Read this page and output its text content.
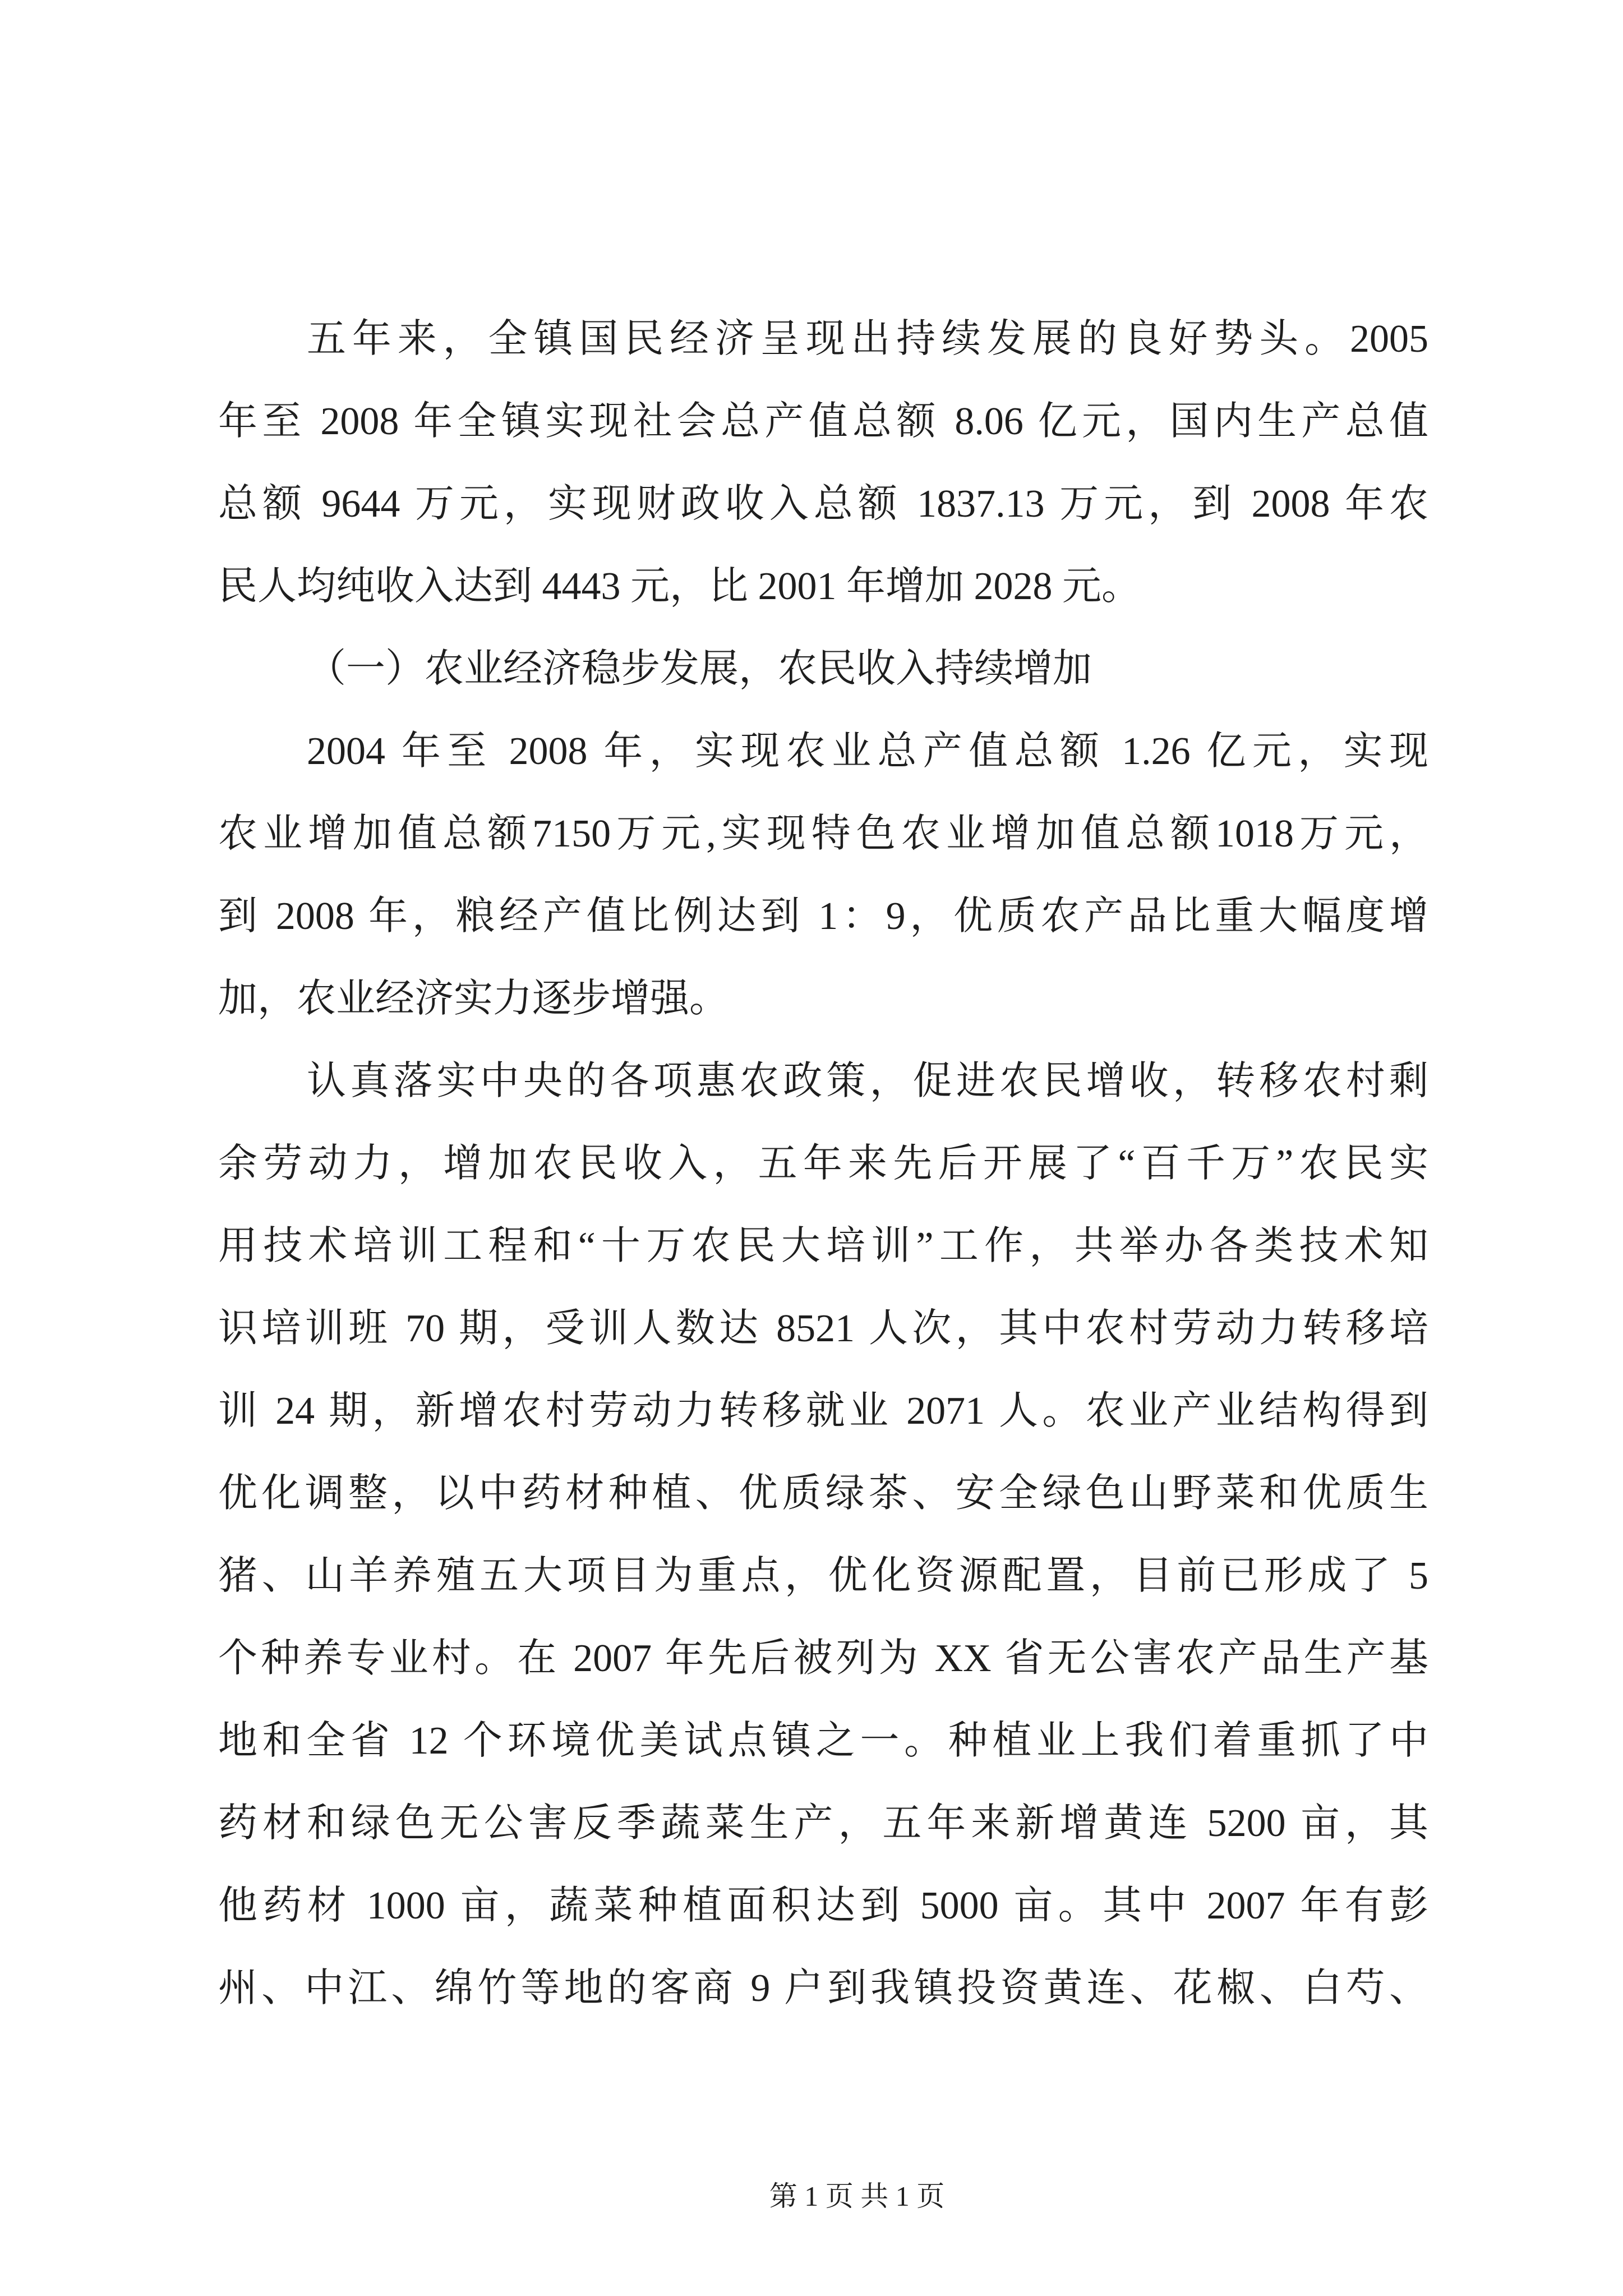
五年来，全镇国民经济呈现出持续发展的良好势头。2005
年至 2008 年全镇实现社会总产值总额 8.06 亿元，国内生产总值
总额 9644 万元，实现财政收入总额 1837.13 万元，到 2008 年农
民人均纯收入达到 4443 元，比 2001 年增加 2028 元。
（一）农业经济稳步发展，农民收入持续增加
2004 年至 2008 年，实现农业总产值总额 1.26 亿元，实现
农业增加值总额7150万元,实现特色农业增加值总额1018万元，
到 2008 年，粮经产值比例达到 1：9，优质农产品比重大幅度增
加，农业经济实力逐步增强。
认真落实中央的各项惠农政策，促进农民增收，转移农村剩
余劳动力，增加农民收入，五年来先后开展了“百千万”农民实
用技术培训工程和“十万农民大培训”工作，共举办各类技术知
识培训班 70 期，受训人数达 8521 人次，其中农村劳动力转移培
训 24 期，新增农村劳动力转移就业 2071 人。农业产业结构得到
优化调整，以中药材种植、优质绿茶、安全绿色山野菜和优质生
猪、山羊养殖五大项目为重点，优化资源配置，目前已形成了 5
个种养专业村。在 2007 年先后被列为 XX 省无公害农产品生产基
地和全省 12 个环境优美试点镇之一。种植业上我们着重抓了中
药材和绿色无公害反季蔬菜生产，五年来新增黄连 5200 亩，其
他药材 1000 亩，蔬菜种植面积达到 5000 亩。其中 2007 年有彭
州、中江、绵竹等地的客商 9 户到我镇投资黄连、花椒、白芍、
第 1 页 共 1 页
